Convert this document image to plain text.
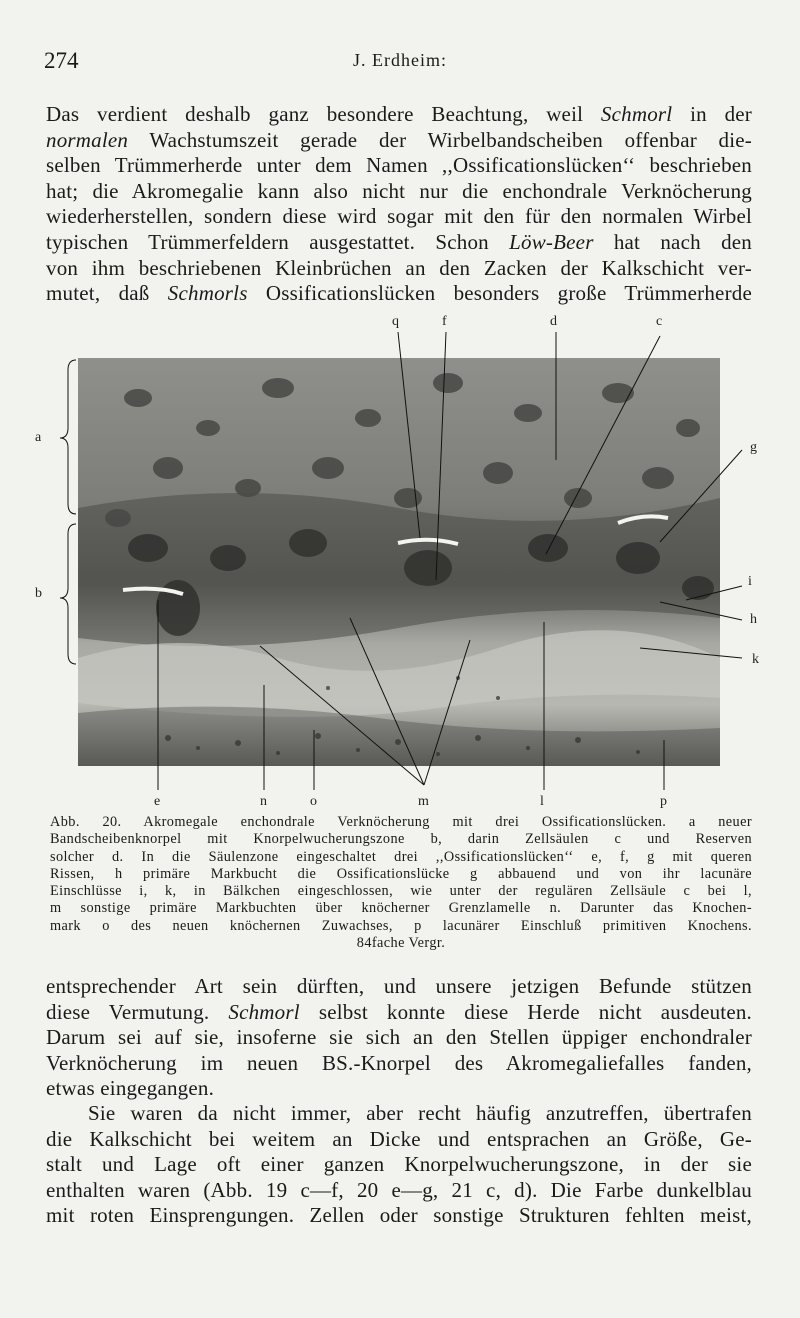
274	J. Erdheim:
Das verdient deshalb ganz besondere Beachtung, weil Schmorl in der
normalen Wachstumszeit gerade der Wirbelbandscheiben offenbar die-
selben Trümmerherde unter dem Namen ,,Ossificationslücken‘‘ beschrieben
hat; die Akromegalie kann also nicht nur die enchondrale Verknöcherung
wiederherstellen, sondern diese wird sogar mit den für den normalen Wirbel
typischen Trümmerfeldern ausgestattet. Schon Löw-Beer hat nach den
von ihm beschriebenen Kleinbrüchen an den Zacken der Kalkschicht ver-
mutet, daß Schmorls Ossificationslücken besonders große Trümmerherde
q	f	d	c
g
a
b
i
h
k
e	n	o	m	l	p
Abb. 20. Akromegale enchondrale Verknöcherung mit drei Ossificationslücken. a neuer
Bandscheibenknorpel mit Knorpelwucherungszone b, darin Zellsäulen c und Reserven
solcher d. In die Säulenzone eingeschaltet drei ,,Ossificationslücken‘‘ e, f, g mit queren
Rissen, h primäre Markbucht die Ossificationslücke g abbauend und von ihr lacunäre
Einschlüsse i, k, in Bälkchen eingeschlossen, wie unter der regulären Zellsäule c bei l,
m sonstige primäre Markbuchten über knöcherner Grenzlamelle n. Darunter das Knochen-
mark o des neuen knöchernen Zuwachses, p lacunärer Einschluß primitiven Knochens.
84fache Vergr.
entsprechender Art sein dürften, und unsere jetzigen Befunde stützen
diese Vermutung. Schmorl selbst konnte diese Herde nicht ausdeuten.
Darum sei auf sie, insoferne sie sich an den Stellen üppiger enchondraler
Verknöcherung im neuen BS.-Knorpel des Akromegaliefalles fanden,
etwas eingegangen.
Sie waren da nicht immer, aber recht häufig anzutreffen, übertrafen
die Kalkschicht bei weitem an Dicke und entsprachen an Größe, Ge-
stalt und Lage oft einer ganzen Knorpelwucherungszone, in der sie
enthalten waren (Abb. 19 c—f, 20 e—g, 21 c, d). Die Farbe dunkelblau
mit roten Einsprengungen. Zellen oder sonstige Strukturen fehlten meist,
